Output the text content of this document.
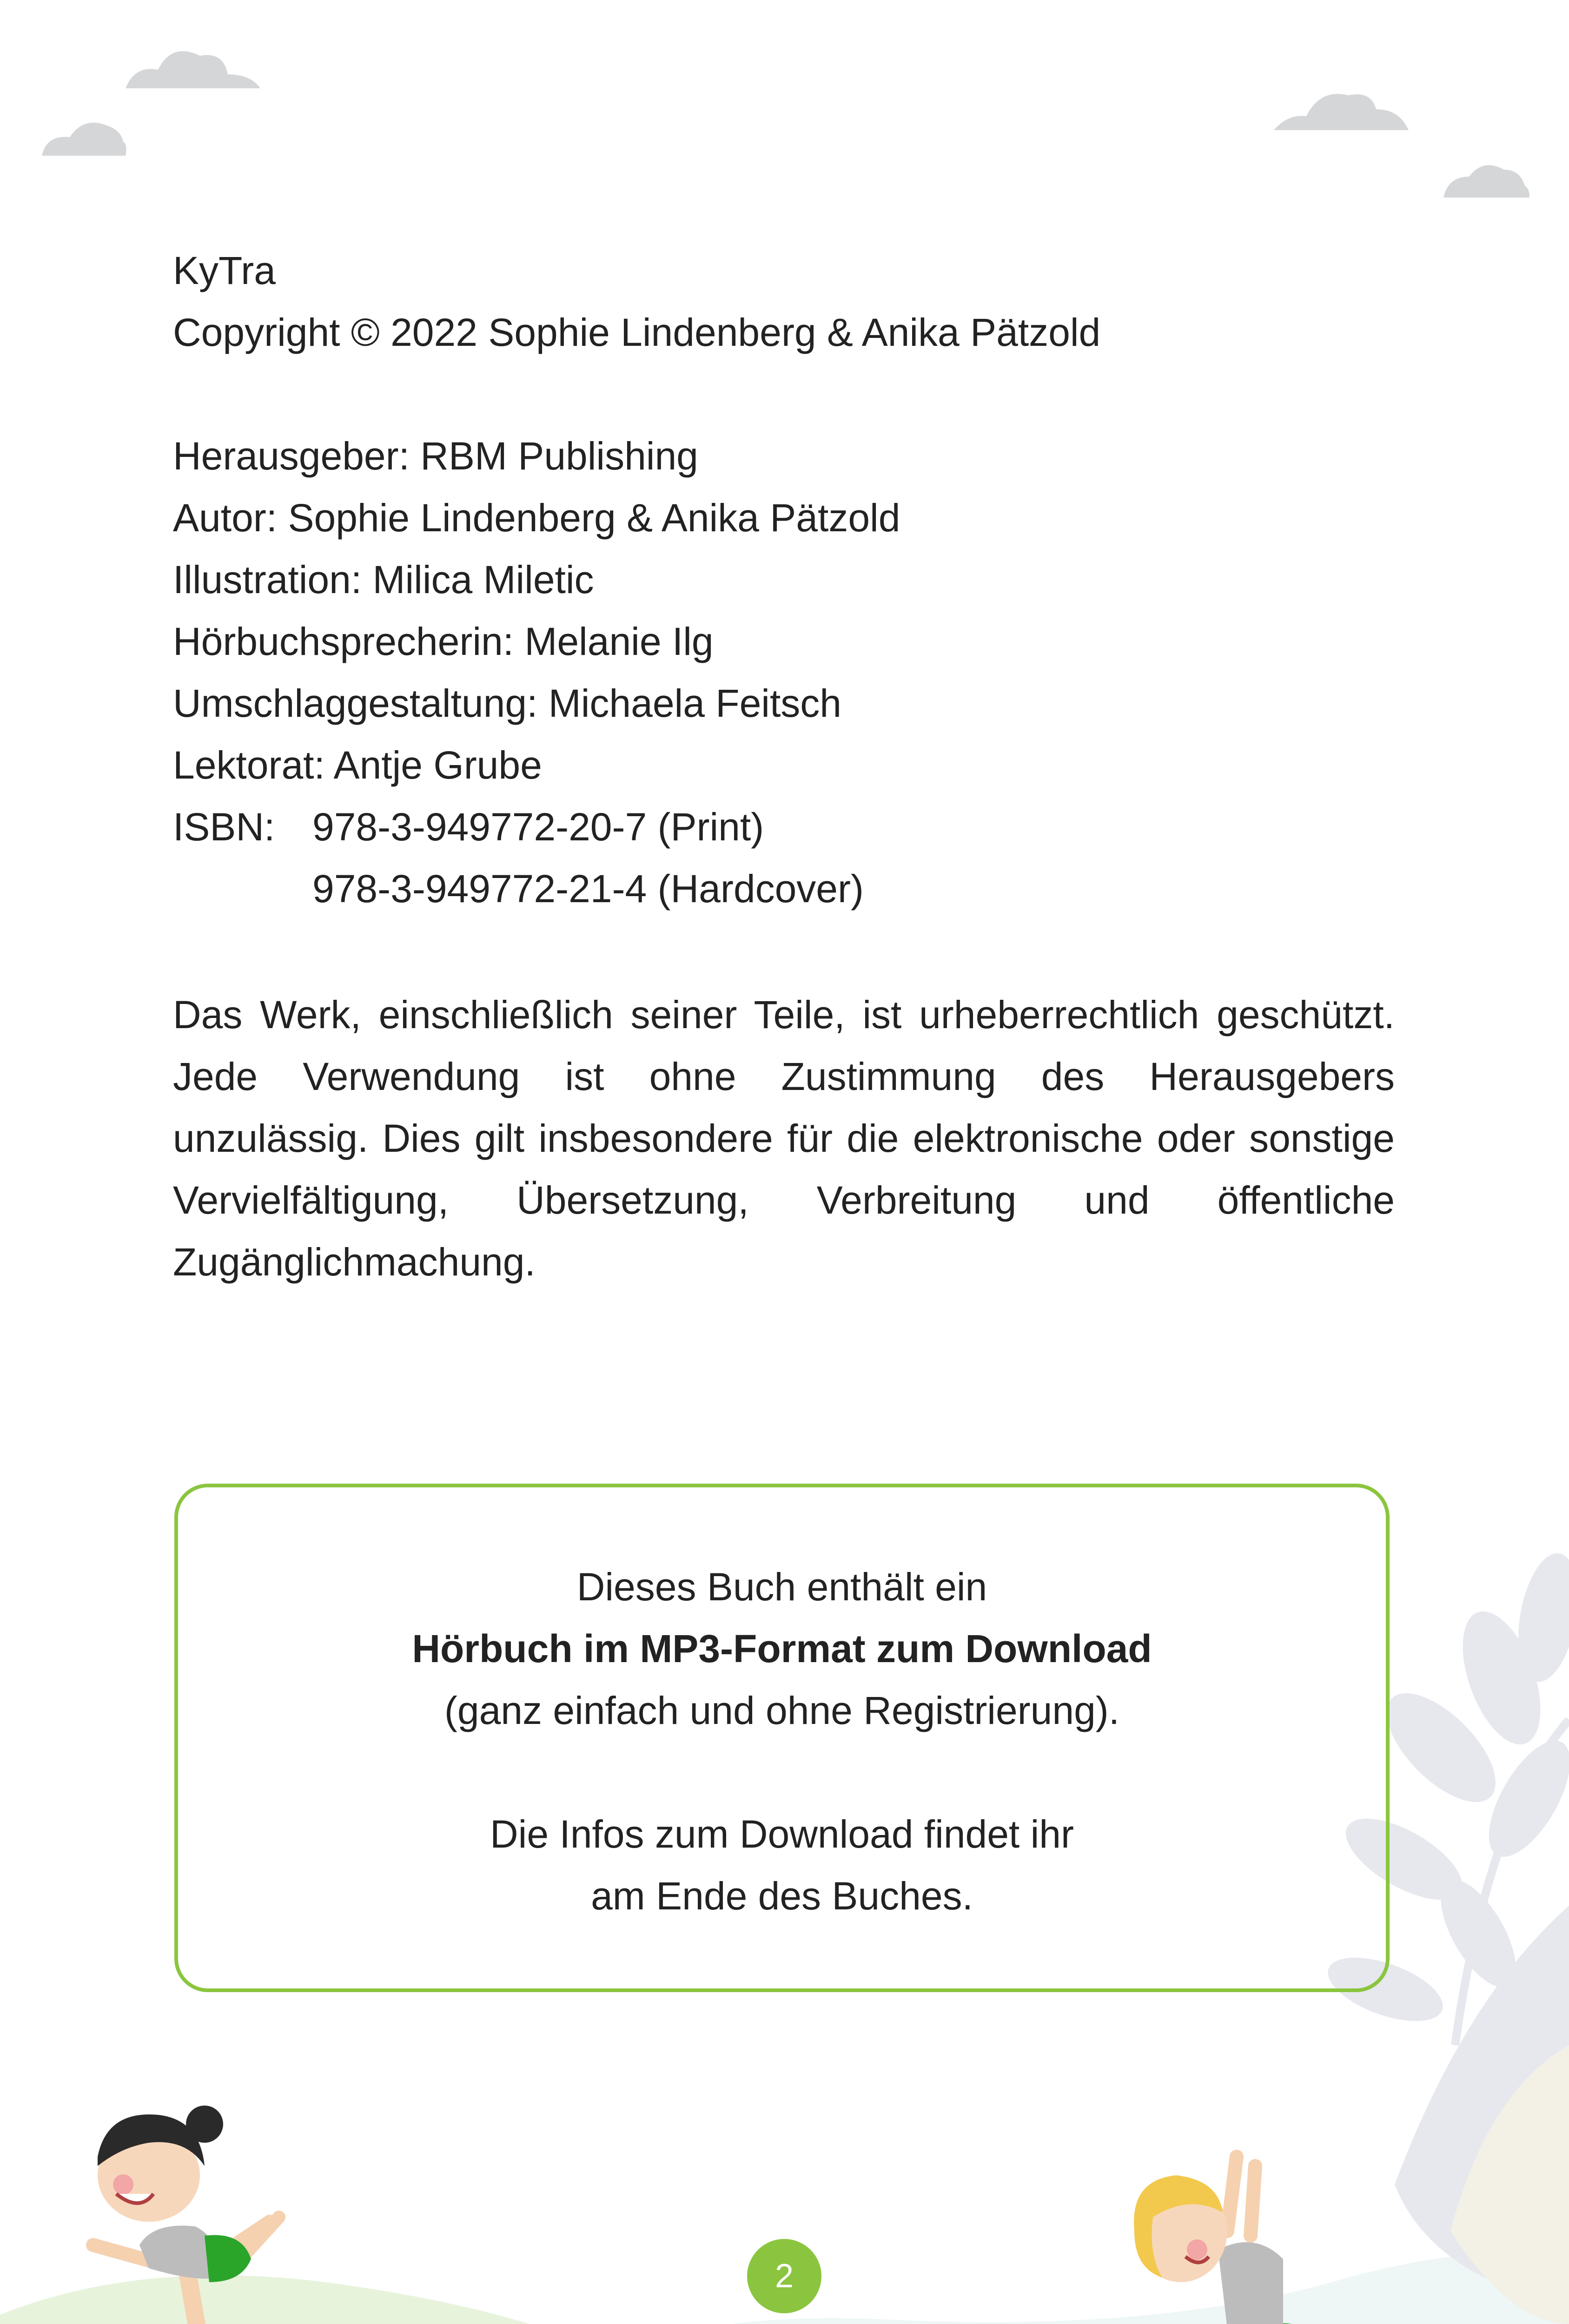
KyTra
Copyright © 2022 Sophie Lindenberg & Anika Pätzold
Herausgeber: RBM Publishing
Autor: Sophie Lindenberg & Anika Pätzold
Illustration: Milica Miletic
Hörbuchsprecherin: Melanie Ilg
Umschlaggestaltung: Michaela Feitsch
Lektorat: Antje Grube
ISBN: 978-3-949772-20-7 (Print)
978-3-949772-21-4 (Hardcover)
Das Werk, einschließlich seiner Teile, ist urheberrechtlich geschützt. Jede Verwendung ist ohne Zustimmung des Herausgebers unzulässig. Dies gilt insbesondere für die elektronische oder sonstige Vervielfältigung, Übersetzung, Verbreitung und öffentliche Zugänglichmachung.
Dieses Buch enthält ein
Hörbuch im MP3-Format zum Download
(ganz einfach und ohne Registrierung).
Die Infos zum Download findet ihr
am Ende des Buches.
2
